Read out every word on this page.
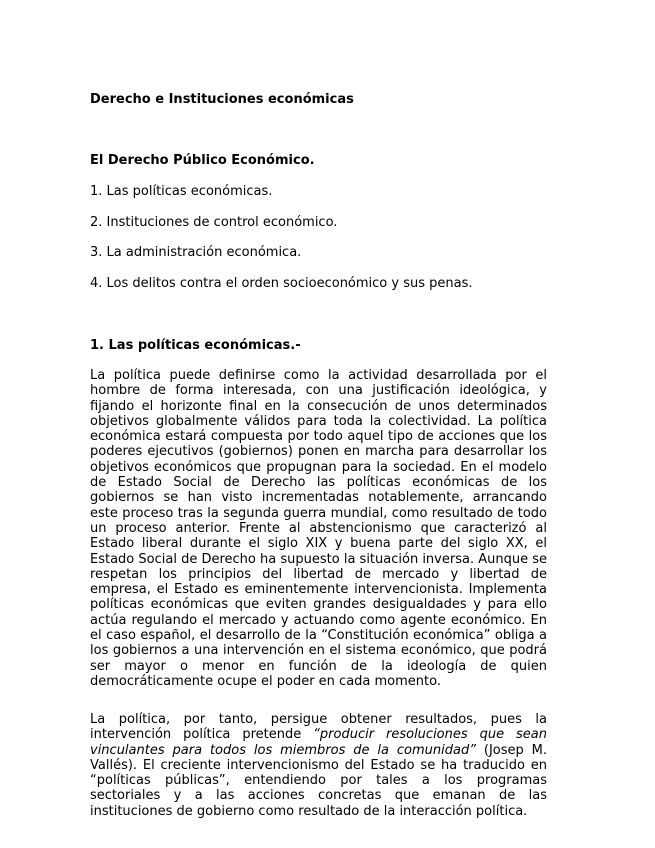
Derecho e Instituciones económicas
El Derecho Público Económico.

1. Las políticas económicas.

2. Instituciones de control económico.

3. La administración económica.

4. Los delitos contra el orden socioeconómico y sus penas.

1. Las políticas económicas.-

La política puede definirse como la actividad desarrollada por el hombre de forma interesada, con una justificación ideológica, y fijando el horizonte final en la consecución de unos determinados objetivos globalmente válidos para toda la colectividad. La política económica estará compuesta por todo aquel tipo de acciones que los poderes ejecutivos (gobiernos) ponen en marcha para desarrollar los objetivos económicos que propugnan para la sociedad. En el modelo de Estado Social de Derecho las políticas económicas de los gobiernos se han visto incrementadas notablemente, arrancando este proceso tras la segunda guerra mundial, como resultado de todo un proceso anterior. Frente al abstencionismo que caracterizó al Estado liberal durante el siglo XIX y buena parte del siglo XX, el Estado Social de Derecho ha supuesto la situación inversa. Aunque se respetan los principios del libertad de mercado y libertad de empresa, el Estado es eminentemente intervencionista. Implementa políticas económicas que eviten grandes desigualdades y para ello actúa regulando el mercado y actuando como agente económico. En el caso español, el desarrollo de la “Constitución económica” obliga a los gobiernos a una intervención en el sistema económico, que podrá ser mayor o menor en función de la ideología de quien democráticamente ocupe el poder en cada momento.

La política, por tanto, persigue obtener resultados, pues la intervención política pretende “producir resoluciones que sean vinculantes para todos los miembros de la comunidad” (Josep M. Vallés). El creciente intervencionismo del Estado se ha traducido en “políticas públicas”, entendiendo por tales a los programas sectoriales y a las acciones concretas que emanan de las instituciones de gobierno como resultado de la interacción política.
